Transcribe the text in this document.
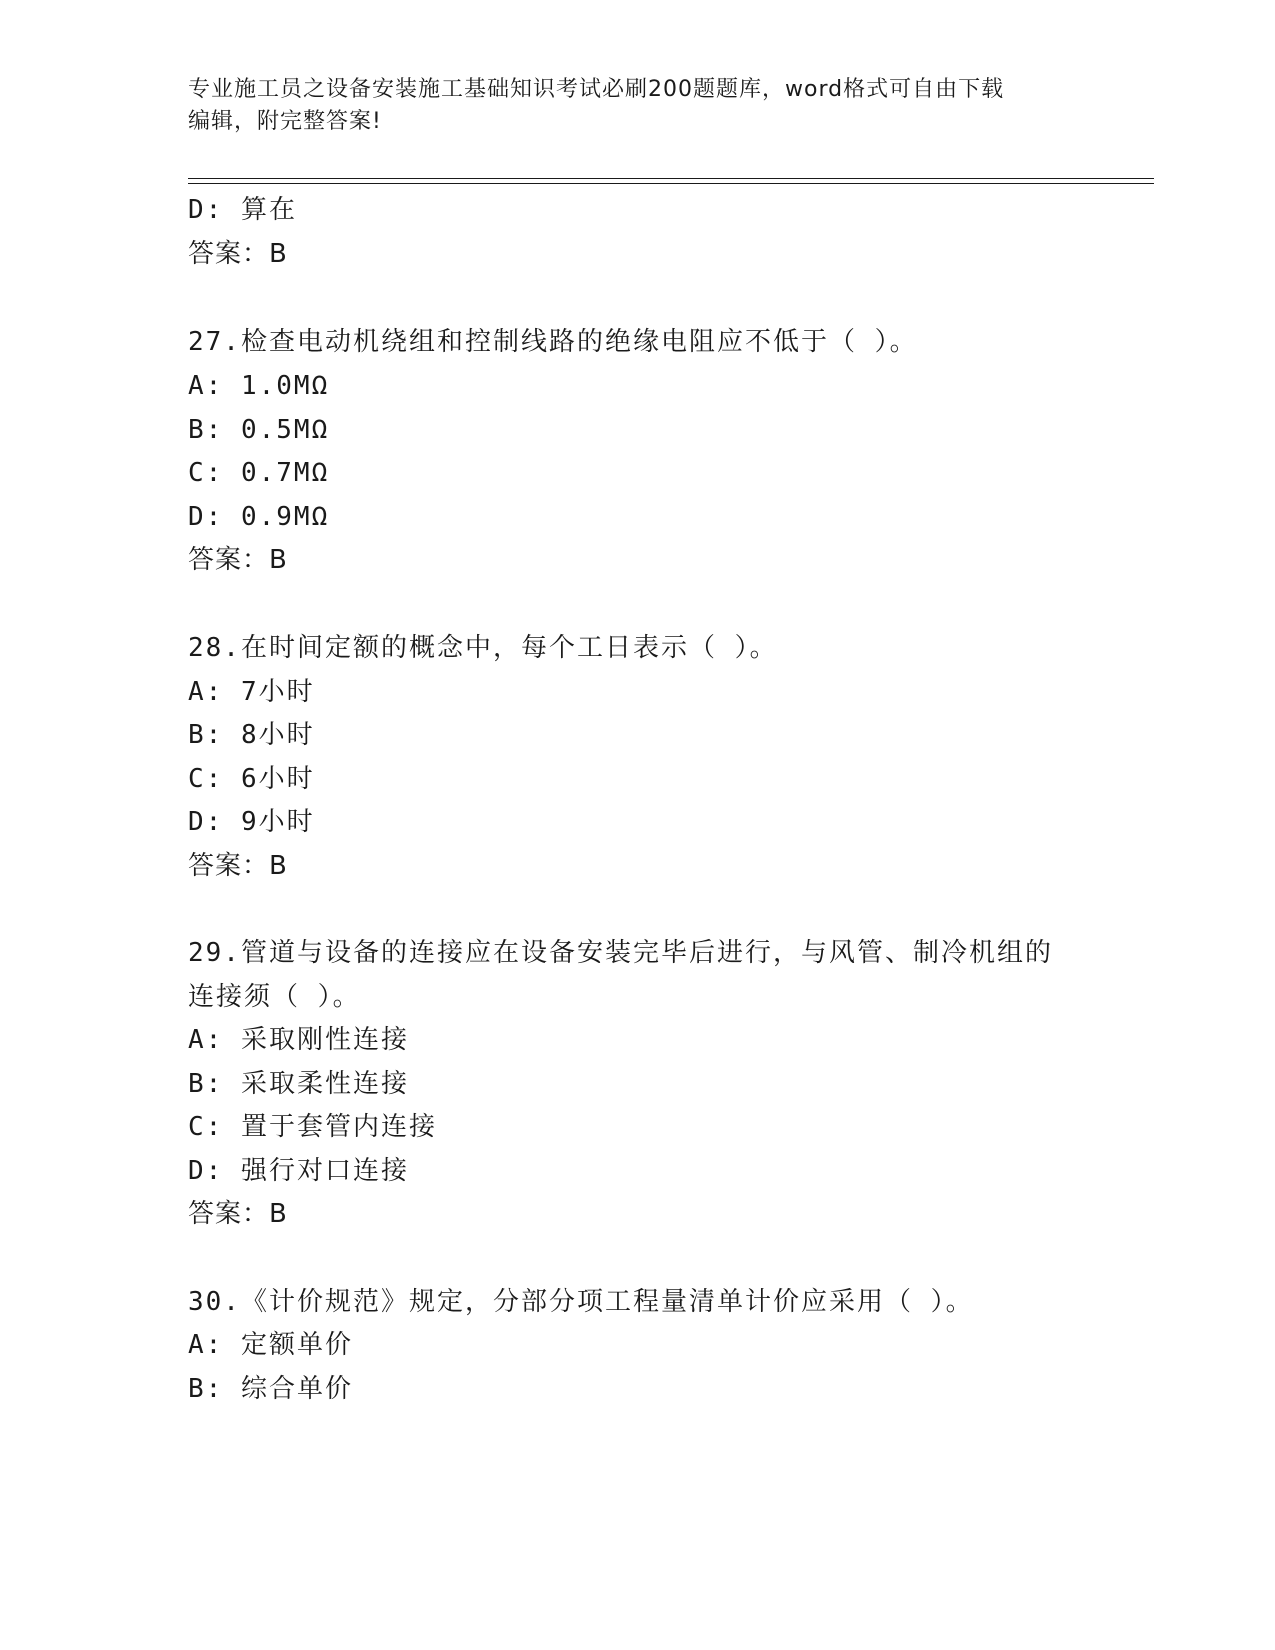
专业施工员之设备安装施工基础知识考试必刷200题题库，word格式可自由下载
编辑，附完整答案!
D: 算在
答案：B
27.检查电动机绕组和控制线路的绝缘电阻应不低于（ ）。
A: 1.0MΩ
B: 0.5MΩ
C: 0.7MΩ
D: 0.9MΩ
答案：B
28.在时间定额的概念中，每个工日表示（ ）。
A: 7小时
B: 8小时
C: 6小时
D: 9小时
答案：B
29.管道与设备的连接应在设备安装完毕后进行，与风管、制冷机组的
连接须（ ）。
A: 采取刚性连接
B: 采取柔性连接
C: 置于套管内连接
D: 强行对口连接
答案：B
30.《计价规范》规定，分部分项工程量清单计价应采用（ ）。
A: 定额单价
B: 综合单价
